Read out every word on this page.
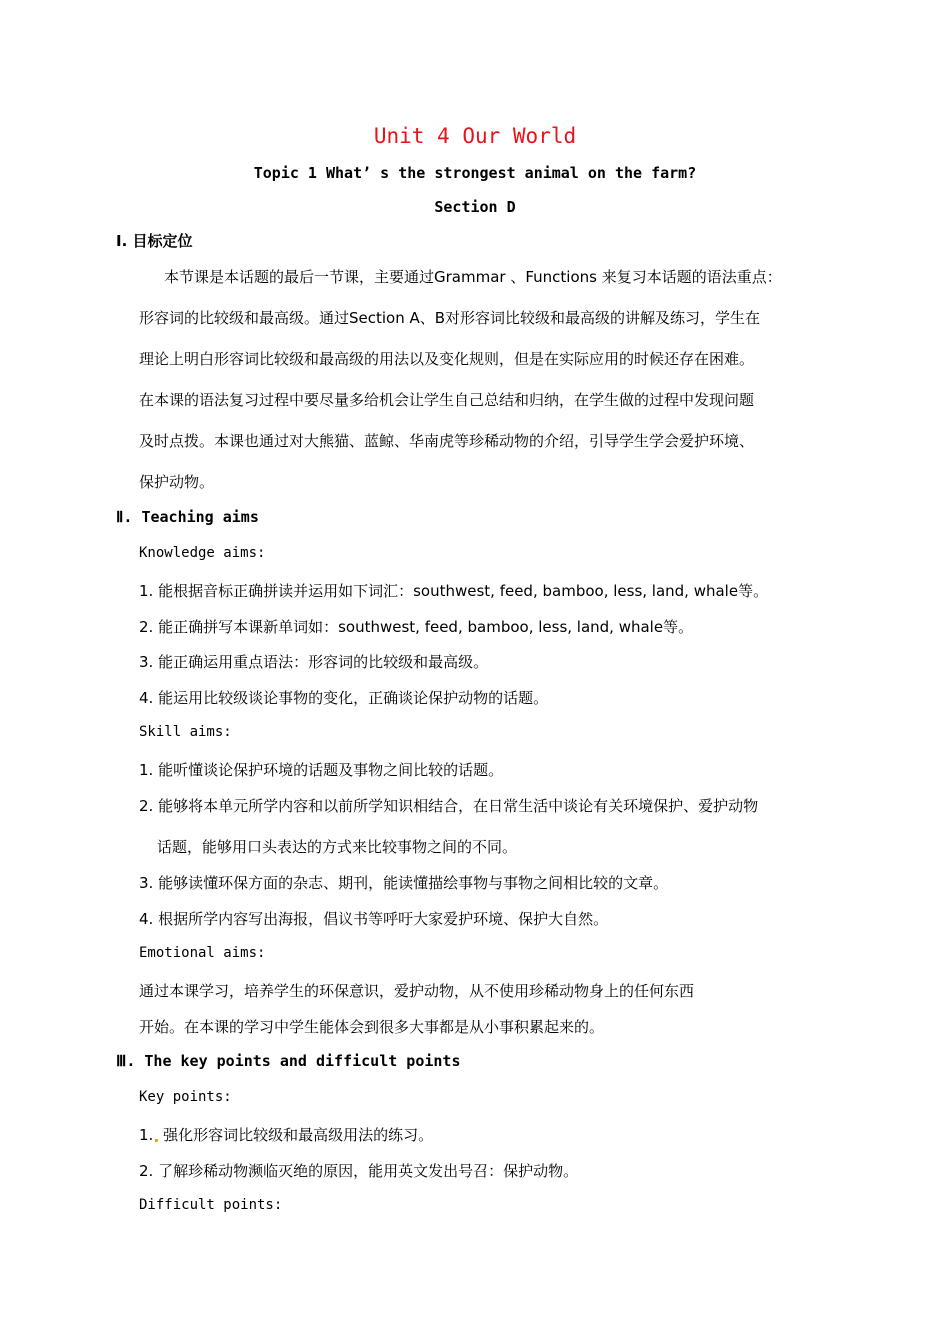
Unit 4 Our World
Topic 1 What’ s the strongest animal on the farm?
Section D
Ⅰ. 目标定位
本节课是本话题的最后一节课，主要通过Grammar 、Functions 来复习本话题的语法重点：
形容词的比较级和最高级。通过Section A、B对形容词比较级和最高级的讲解及练习，学生在
理论上明白形容词比较级和最高级的用法以及变化规则，但是在实际应用的时候还存在困难。
在本课的语法复习过程中要尽量多给机会让学生自己总结和归纳，在学生做的过程中发现问题
及时点拨。本课也通过对大熊猫、蓝鲸、华南虎等珍稀动物的介绍，引导学生学会爱护环境、
保护动物。
Ⅱ. Teaching aims
Knowledge aims:
1. 能根据音标正确拼读并运用如下词汇：southwest, feed, bamboo, less, land, whale等。
2. 能正确拼写本课新单词如：southwest, feed, bamboo, less, land, whale等。
3. 能正确运用重点语法：形容词的比较级和最高级。
4. 能运用比较级谈论事物的变化，正确谈论保护动物的话题。
Skill aims:
1. 能听懂谈论保护环境的话题及事物之间比较的话题。
2. 能够将本单元所学内容和以前所学知识相结合，在日常生活中谈论有关环境保护、爱护动物
话题，能够用口头表达的方式来比较事物之间的不同。
3. 能够读懂环保方面的杂志、期刊，能读懂描绘事物与事物之间相比较的文章。
4. 根据所学内容写出海报，倡议书等呼吁大家爱护环境、保护大自然。
Emotional aims:
通过本课学习，培养学生的环保意识，爱护动物，从不使用珍稀动物身上的任何东西
开始。在本课的学习中学生能体会到很多大事都是从小事积累起来的。
Ⅲ. The key points and difficult points
Key points:
1. 强化形容词比较级和最高级用法的练习。
2. 了解珍稀动物濒临灭绝的原因，能用英文发出号召：保护动物。
Difficult points:
